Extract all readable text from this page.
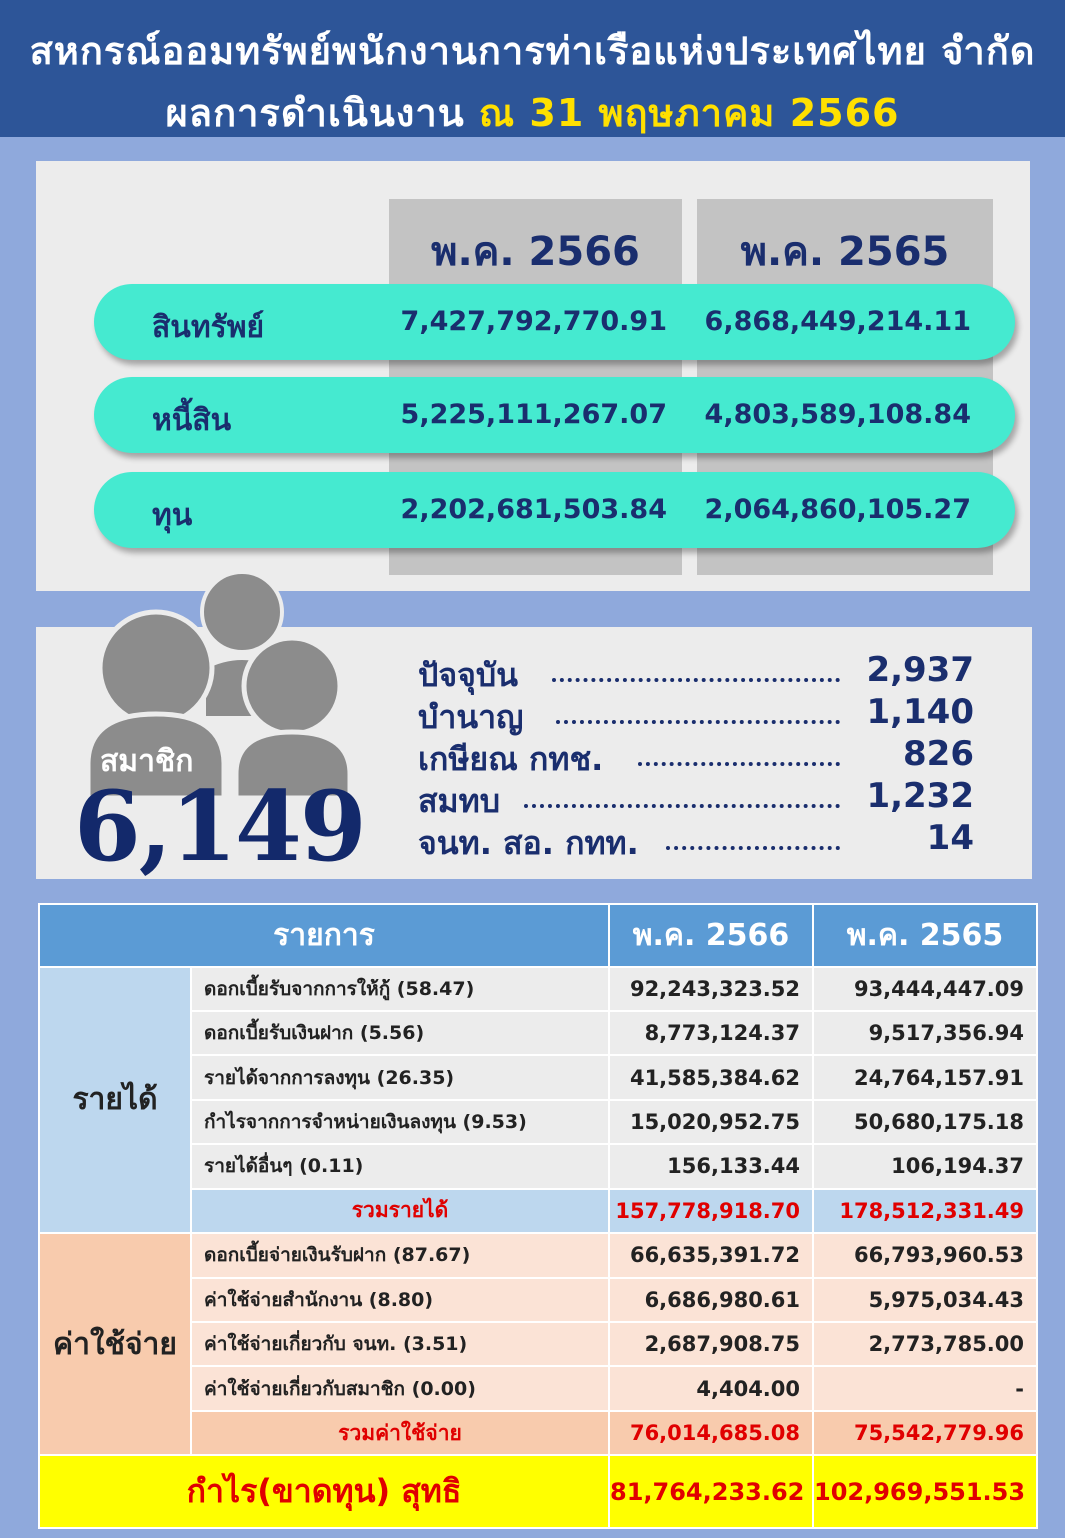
สหกรณ์ออมทรัพย์พนักงานการท่าเรือแห่งประเทศไทย จำกัด
ผลการดำเนินงาน ณ 31 พฤษภาคม 2566
พ.ค. 2566	พ.ค. 2565
สินทรัพย์	7,427,792,770.91 6,868,449,214.11
หนี้สิน	5,225,111,267.07 4,803,589,108.84
ทุน	2,202,681,503.84 2,064,860,105.27
สมาชิก
6,149
ปัจจุบัน	2,937
บำนาญ	1,140
เกษียณ กทช.	826
สมทบ	1,232
จนท. สอ. กทท.	14
รายการ		พ.ค. 2566	พ.ค. 2565
รายได้	ดอกเบี้ยรับจากการให้กู้ (58.47)	92,243,323.52	93,444,447.09
	ดอกเบี้ยรับเงินฝาก (5.56)	8,773,124.37	9,517,356.94
	รายได้จากการลงทุน (26.35)	41,585,384.62	24,764,157.91
	กำไรจากการจำหน่ายเงินลงทุน (9.53)	15,020,952.75	50,680,175.18
	รายได้อื่นๆ (0.11)	156,133.44	106,194.37
	รวมรายได้	157,778,918.70	178,512,331.49
ค่าใช้จ่าย	ดอกเบี้ยจ่ายเงินรับฝาก (87.67)	66,635,391.72	66,793,960.53
	ค่าใช้จ่ายสำนักงาน (8.80)	6,686,980.61	5,975,034.43
	ค่าใช้จ่ายเกี่ยวกับ จนท. (3.51)	2,687,908.75	2,773,785.00
	ค่าใช้จ่ายเกี่ยวกับสมาชิก (0.00)	4,404.00	-
	รวมค่าใช้จ่าย	76,014,685.08	75,542,779.96
กำไร(ขาดทุน) สุทธิ		81,764,233.62	102,969,551.53
